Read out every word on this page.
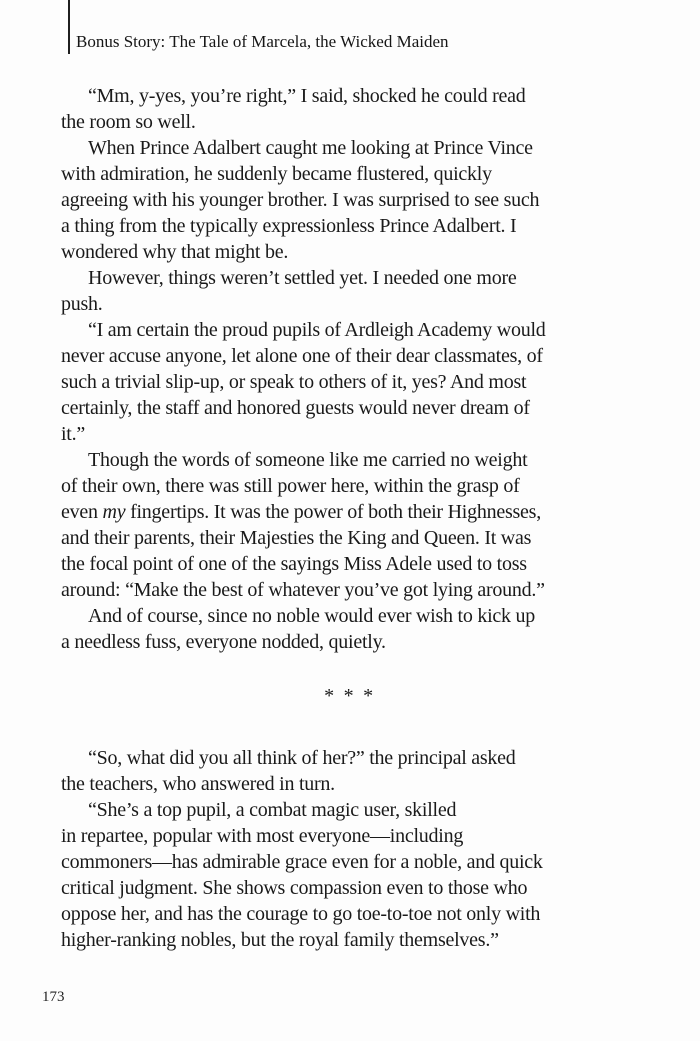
Bonus Story: The Tale of Marcela, the Wicked Maiden

“Mm, y-yes, you’re right,” I said, shocked he could read
the room so well.

When Prince Adalbert caught me looking at Prince Vince
with admiration, he suddenly became flustered, quickly
agreeing with his younger brother. I was surprised to see such
a thing from the typically expressionless Prince Adalbert. I
wondered why that might be.

However, things weren’t settled yet. I needed one more
push.

“I am certain the proud pupils of Ardleigh Academy would
never accuse anyone, let alone one of their dear classmates, of
such a trivial slip-up, or speak to others of it, yes? And most
certainly, the staff and honored guests would never dream of
it.”

Though the words of someone like me carried no weight
of their own, there was still power here, within the grasp of
even my fingertips. It was the power of both their Highnesses,
and their parents, their Majesties the King and Queen. It was
the focal point of one of the sayings Miss Adele used to toss
around: “Make the best of whatever you’ve got lying around.”

And of course, since no noble would ever wish to kick up
a needless fuss, everyone nodded, quietly.

* * *

“So, what did you all think of her?” the principal asked
the teachers, who answered in turn.

“She’s a top pupil, a combat magic user, skilled
in repartee, popular with most everyone—including
commoners—has admirable grace even for a noble, and quick
critical judgment. She shows compassion even to those who
oppose her, and has the courage to go toe-to-toe not only with
higher-ranking nobles, but the royal family themselves.”

173
